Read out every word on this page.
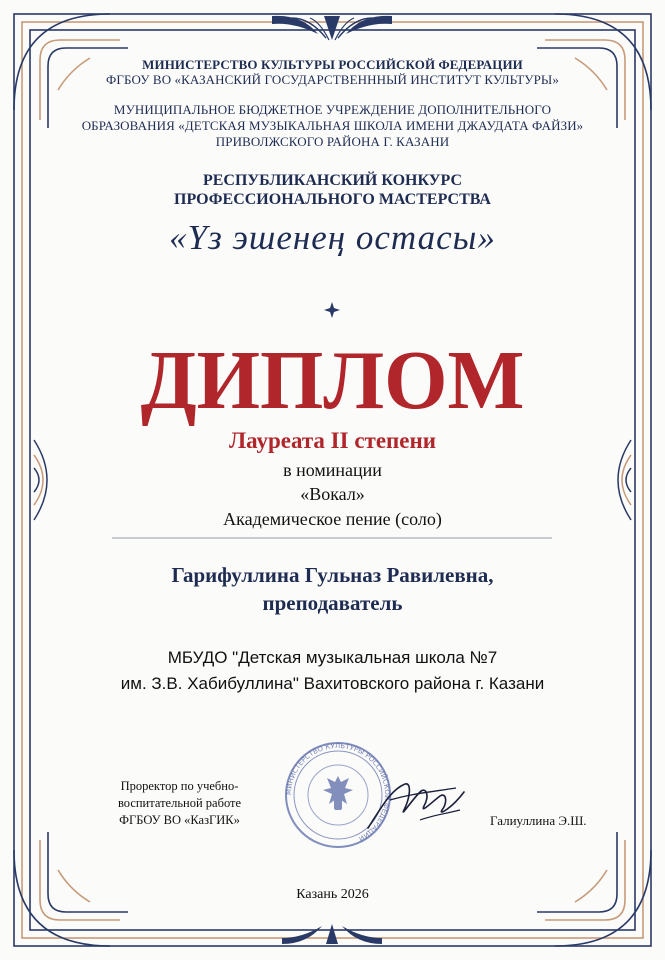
МИНИСТЕРСТВО КУЛЬТУРЫ РОССИЙСКОЙ ФЕДЕРАЦИИ
ФГБОУ ВО «КАЗАНСКИЙ ГОСУДАРСТВЕНННЫЙ ИНСТИТУТ КУЛЬТУРЫ»
МУНИЦИПАЛЬНОЕ БЮДЖЕТНОЕ УЧРЕЖДЕНИЕ ДОПОЛНИТЕЛЬНОГО
ОБРАЗОВАНИЯ «ДЕТСКАЯ МУЗЫКАЛЬНАЯ ШКОЛА ИМЕНИ ДЖАУДАТА ФАЙЗИ»
ПРИВОЛЖСКОГО РАЙОНА Г. КАЗАНИ
РЕСПУБЛИКАНСКИЙ КОНКУРС
ПРОФЕССИОНАЛЬНОГО МАСТЕРСТВА
«Үз эшенең остасы»
ДИПЛОМ
Лауреата II степени
в номинации
«Вокал»
Академическое пение (соло)
Гарифуллина Гульназ Равилевна,
преподаватель
МБУДО "Детская музыкальная школа №7
им. З.В. Хабибуллина" Вахитовского района г. Казани
Проректор по учебно-
воспитательной работе
ФГБОУ ВО «КазГИК»
МИНИСТЕРСТВО КУЛЬТУРЫ РОССИЙСКОЙ ФЕДЕРАЦИИ
Галиуллина Э.Ш.
Казань 2026
